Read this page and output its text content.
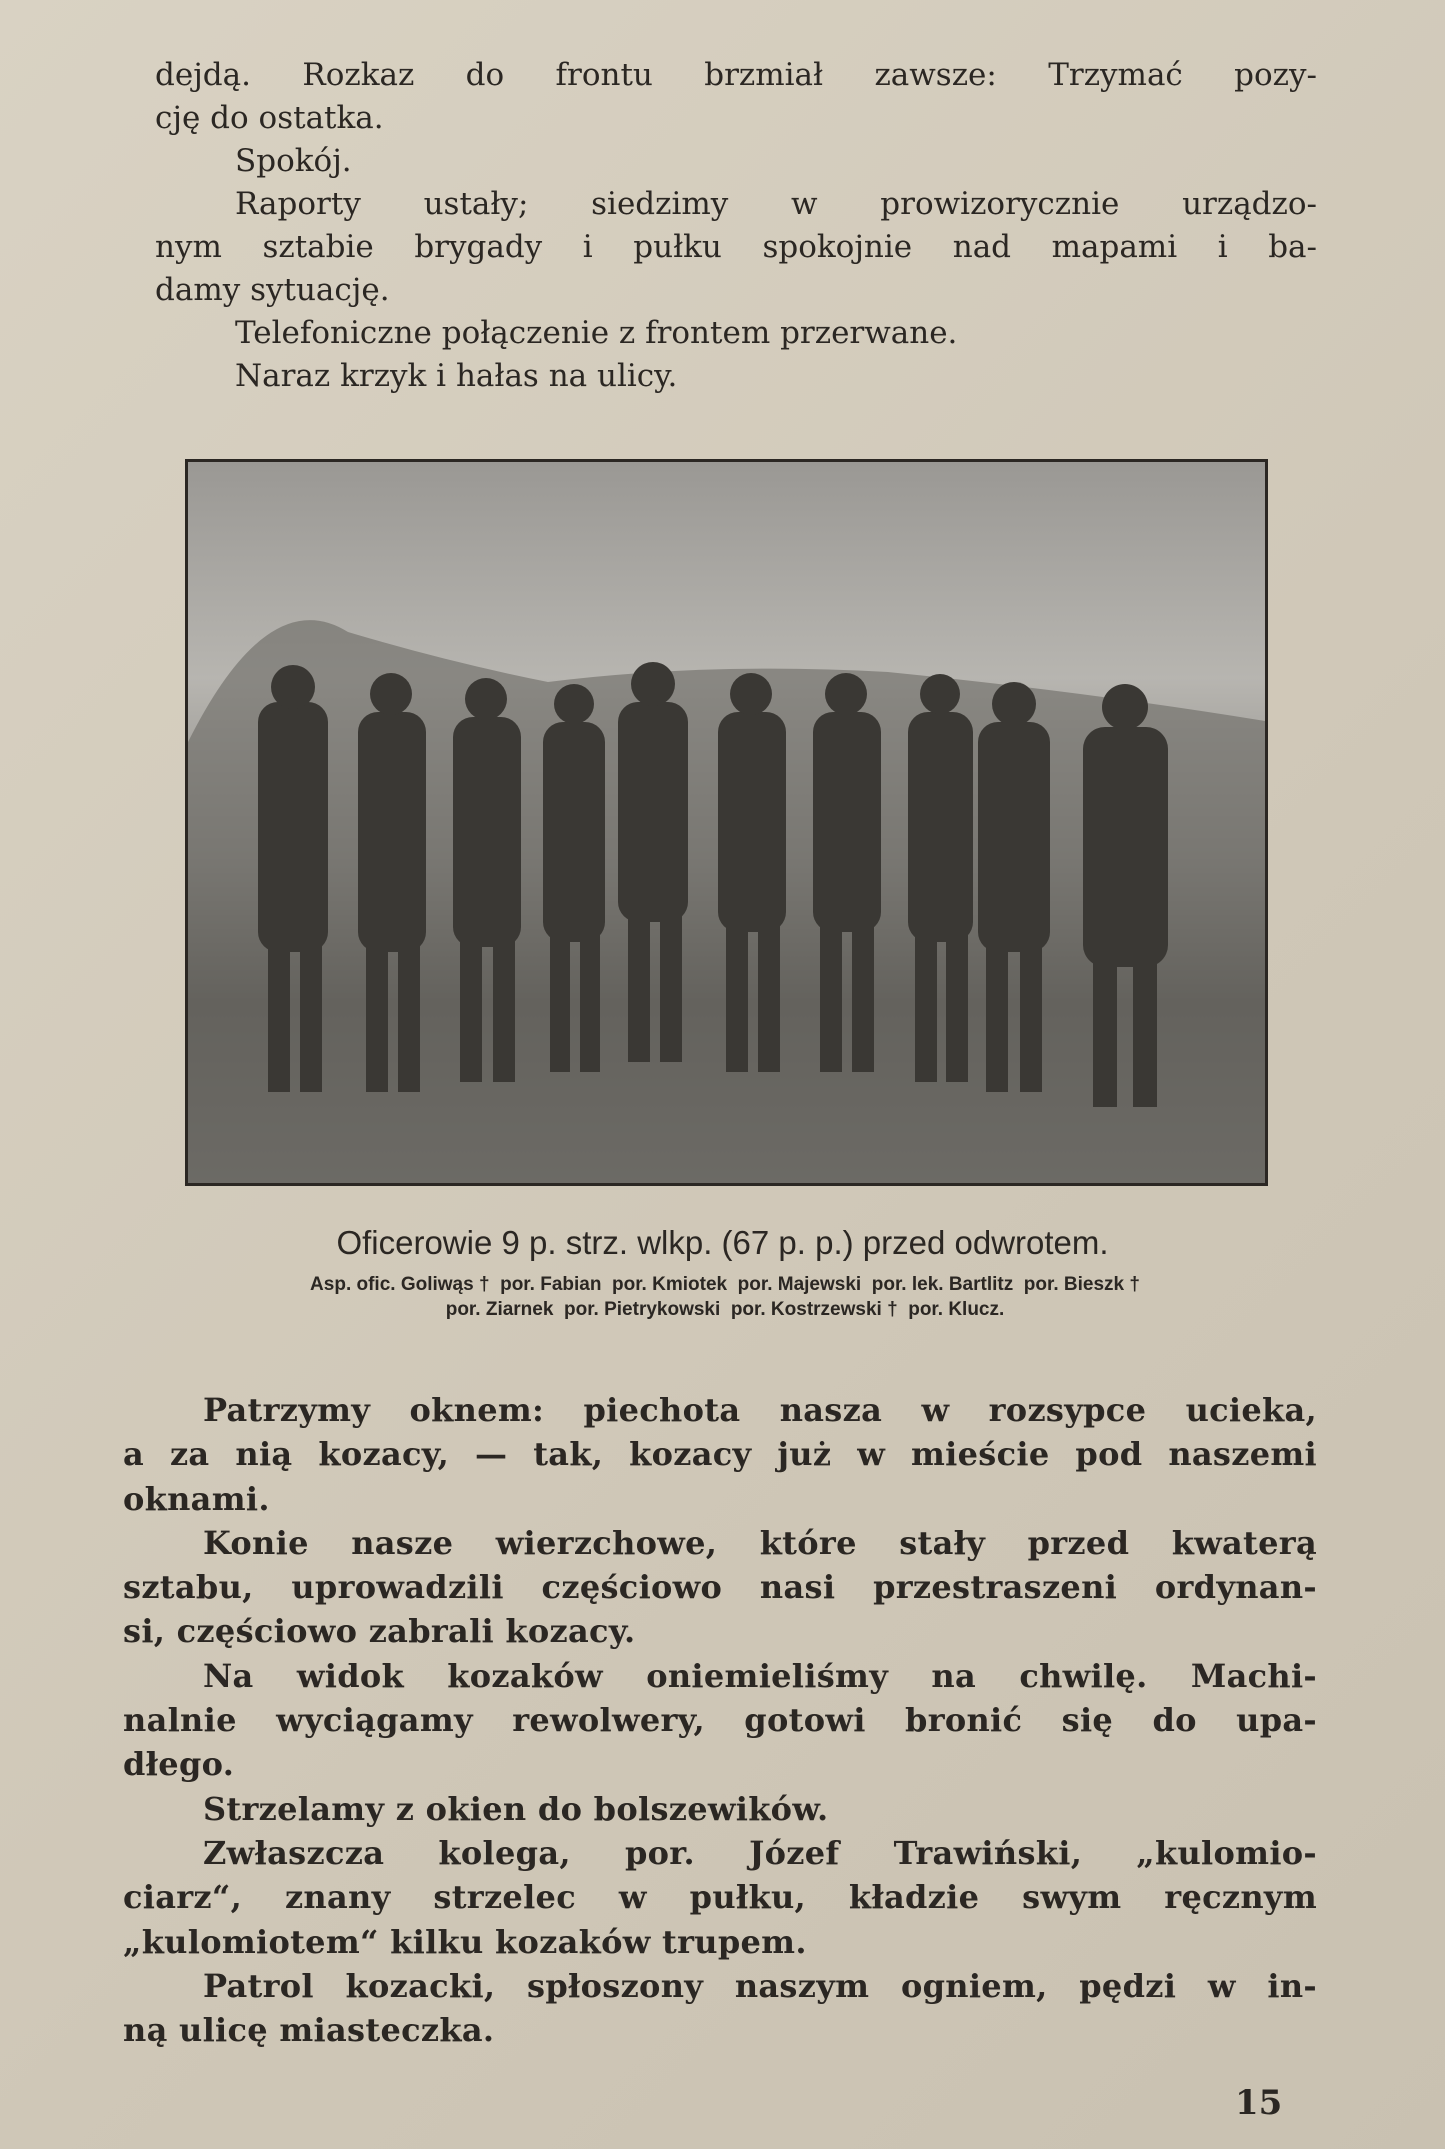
dejdą. Rozkaz do frontu brzmiał zawsze: Trzymać pozy-
cję do ostatka.
Spokój.
Raporty ustały; siedzimy w prowizorycznie urządzo-
nym sztabie brygady i pułku spokojnie nad mapami i ba-
damy sytuację.
Telefoniczne połączenie z frontem przerwane.
Naraz krzyk i hałas na ulicy.
Oficerowie 9 p. strz. wlkp. (67 p. p.) przed odwrotem.
Asp. ofic. Goliwąs †  por. Fabian  por. Kmiotek  por. Majewski  por. lek. Bartlitz  por. Bieszk †
por. Ziarnek  por. Pietrykowski  por. Kostrzewski †  por. Klucz.
Patrzymy oknem: piechota nasza w rozsypce ucieka,
a za nią kozacy, — tak, kozacy już w mieście pod naszemi
oknami.
Konie nasze wierzchowe, które stały przed kwaterą
sztabu, uprowadzili częściowo nasi przestraszeni ordynan-
si, częściowo zabrali kozacy.
Na widok kozaków oniemieliśmy na chwilę. Machi-
nalnie wyciągamy rewolwery, gotowi bronić się do upa-
dłego.
Strzelamy z okien do bolszewików.
Zwłaszcza kolega, por. Józef Trawiński, „kulomio-
ciarz“, znany strzelec w pułku, kładzie swym ręcznym
„kulomiotem“ kilku kozaków trupem.
Patrol kozacki, spłoszony naszym ogniem, pędzi w in-
ną ulicę miasteczka.
15
